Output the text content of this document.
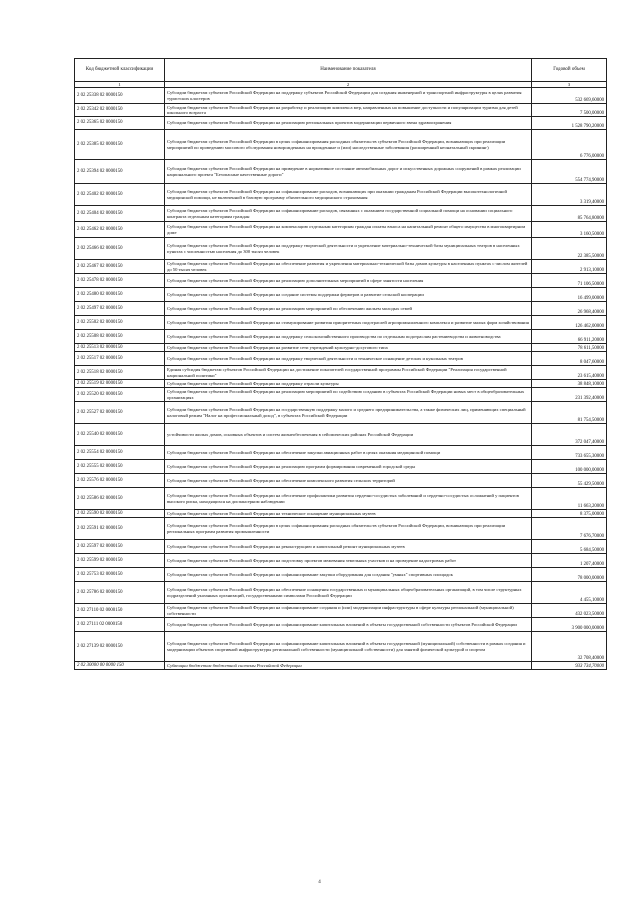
Код бюджетной классификации	Наименование показателя	Годовой объем
1	2	3
2 02 25338 02 0000150	Субсидии бюджетам субъектов Российской Федерации на поддержку субъектов Российской Федерации для создания инженерной и транспортной инфраструктуры в целях развития туристских кластеров	532 669,60000
2 02 25342 02 0000150	Субсидии бюджетам субъектов Российской Федерации на разработку и реализацию комплекса мер, направленных на повышение доступности и популяризации туризма для детей школьного возраста	7 500,00000
2 02 25365 02 0000150	Субсидии бюджетам субъектов Российской Федерации на реализацию региональных проектов модернизации первичного звена здравоохранения	1 528 790,20000
2 02 25385 02 0000150	Субсидии бюджетам субъектов Российской Федерации в целях софинансирования расходных обязательств субъектов Российской Федерации, возникающих при реализации мероприятий по проведению массового обследования новорожденных на врожденные и (или) наследственные заболевания (расширенный неонатальный скрининг)	6 776,00000
2 02 25394 02 0000150	Субсидии бюджетам субъектов Российской Федерации на приведение в нормативное состояние автомобильных дорог и искусственных дорожных сооружений в рамках реализации национального проекта "Безопасные качественные дороги"	554 774,90000
2 02 25402 02 0000150	Субсидии бюджетам субъектов Российской Федерации на софинансирование расходов, возникающих при оказании гражданам Российской Федерации высокотехнологичной медицинской помощи, не включенной в базовую программу обязательного медицинского страхования	3 319,40000
2 02 25404 02 0000150	Субсидии бюджетам субъектов Российской Федерации на софинансирование расходов, связанных с оказанием государственной социальной помощи на основании социального контракта отдельным категориям граждан	85 764,80000
2 02 25462 02 0000150	Субсидии бюджетам субъектов Российской Федерации на компенсацию отдельным категориям граждан оплаты взноса на капитальный ремонт общего имущества в многоквартирном доме	3 160,50000
2 02 25466 02 0000150	Субсидии бюджетам субъектов Российской Федерации на поддержку творческой деятельности и укрепление материально-технической базы муниципальных театров в населенных пунктах с численностью населения до 300 тысяч человек	22 385,50000
2 02 25467 02 0000150	Субсидии бюджетам субъектов Российской Федерации на обеспечение развития и укрепления материально-технической базы домов культуры в населенных пунктах с числом жителей до 50 тысяч человек	2 913,10000
2 02 25478 02 0000150	Субсидии бюджетам субъектов Российской Федерации на реализацию дополнительных мероприятий в сфере занятости населения	71 106,50000
2 02 25480 02 0000150	Субсидии бюджетам субъектов Российской Федерации на создание системы поддержки фермеров и развитие сельской кооперации	16 499,00000
2 02 25497 02 0000150	Субсидии бюджетам субъектов Российской Федерации на реализацию мероприятий по обеспечению жильем молодых семей	26 968,40000
2 02 25502 02 0000150	Субсидии бюджетам субъектов Российской Федерации на стимулирование развития приоритетных подотраслей агропромышленного комплекса и развитие малых форм хозяйствования	126 462,00000
2 02 25508 02 0000150	Субсидии бюджетам субъектов Российской Федерации на поддержку сельскохозяйственного производства по отдельным подотраслям растениеводства и животноводства	66 911,20000
2 02 25513 02 0000150	Субсидии бюджетам субъектов Российской Федерации на развитие сети учреждений культурно-досугового типа	78 611,50000
2 02 25517 02 0000150	Субсидии бюджетам субъектов Российской Федерации на поддержку творческой деятельности и техническое оснащение детских и кукольных театров	8 047,60000
2 02 25518 02 0000150	Единая субсидия бюджетам субъектов Российской Федерации на достижение показателей государственной программы Российской Федерации "Реализация государственной национальной политики"	23 615,40000
2 02 25519 02 0000150	Субсидии бюджетам субъектов Российской Федерации на поддержку отрасли культуры	38 848,10000
2 02 25520 02 0000150	Субсидии бюджетам субъектов Российской Федерации на реализацию мероприятий по содействию созданию в субъектах Российской Федерации новых мест в общеобразовательных организациях	231 392,40000
2 02 25527 02 0000150	Субсидии бюджетам субъектов Российской Федерации на государственную поддержку малого и среднего предпринимательства, а также физических лиц, применяющих специальный налоговый режим "Налог на профессиональный доход", в субъектах Российской Федерации	81 754,50000
2 02 25540 02 0000150	устойчивости жилых домов, основных объектов и систем жизнеобеспечения в сейсмических районах Российской Федерации	372 047,40000
2 02 25554 02 0000150	Субсидии бюджетам субъектов Российской Федерации на обеспечение закупки авиационных работ в целях оказания медицинской помощи	733 655,30000
2 02 25555 02 0000150	Субсидии бюджетам субъектов Российской Федерации на реализацию программ формирования современной городской среды	100 000,00000
2 02 25576 02 0000150	Субсидии бюджетам субъектов Российской Федерации на обеспечение комплексного развития сельских территорий	55 429,50000
2 02 25586 02 0000150	Субсидии бюджетам субъектов Российской Федерации на обеспечение профилактики развития сердечно-сосудистых заболеваний и сердечно-сосудистых осложнений у пациентов высокого риска, находящихся на диспансерном наблюдении	11 663,20000
2 02 25590 02 0000150	Субсидии бюджетам субъектов Российской Федерации на техническое оснащение муниципальных музеев	8 375,00000
2 02 25591 02 0000150	Субсидии бюджетам субъектов Российской Федерации в целях софинансирования расходных обязательств субъектов Российской Федерации, возникающих при реализации региональных программ развития промышленности	7 676,70000
2 02 25597 02 0000150	Субсидии бюджетам субъектов Российской Федерации на реконструкцию и капитальный ремонт муниципальных музеев	5 684,50000
2 02 25599 02 0000150	Субсидии бюджетам субъектов Российской Федерации на подготовку проектов межевания земельных участков и на проведение кадастровых работ	1 207,40000
2 02 25753 02 0000150	Субсидии бюджетам субъектов Российской Федерации на софинансирование закупки оборудования для создания "умных" спортивных площадок	78 000,00000
2 02 25786 02 0000150	Субсидии бюджетам субъектов Российской Федерации на обеспечение оснащения государственных и муниципальных общеобразовательных организаций, в том числе структурных подразделений указанных организаций, государственными символами Российской Федерации	4 455,10000
2 02 27110 02 0000150	Субсидии бюджетам субъектов Российской Федерации на софинансирование создания и (или) модернизации инфраструктуры в сфере культуры региональной (муниципальной) собственности	432 023,50000
2 02 27111 02 0000150	Субсидии бюджетам субъектов Российской Федерации на софинансирование капитальных вложений в объекты государственной собственности субъектов Российской Федерации	3 900 000,00000
2 02 27139 02 0000150	Субсидии бюджетам субъектов Российской Федерации на софинансирование капитальных вложений в объекты государственной (муниципальной) собственности в рамках создания и модернизации объектов спортивной инфраструктуры региональной собственности (муниципальной собственности) для занятий физической культурой и спортом	32 708,40000
2 02 30000 00 0000 150	Субвенции бюджетам бюджетной системы Российской Федерации	933 734,70000
4
